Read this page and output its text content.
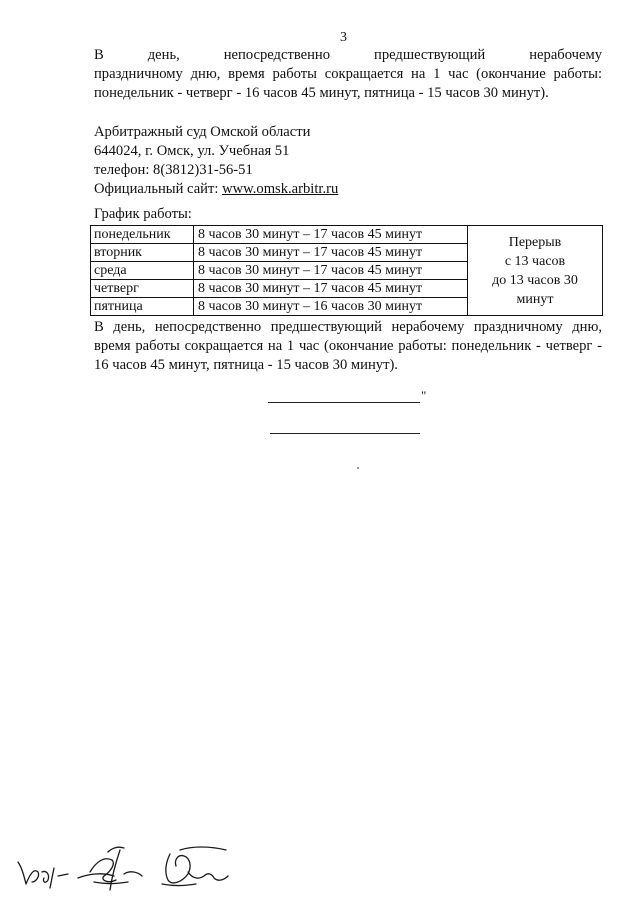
3
В день, непосредственно предшествующий нерабочему
праздничному дню, время работы сокращается на 1 час (окончание работы: понедельник - четверг - 16 часов 45 минут, пятница - 15 часов 30 минут).
Арбитражный суд Омской области
644024, г. Омск, ул. Учебная 51
телефон: 8(3812)31-56-51
Официальный сайт: www.omsk.arbitr.ru
График работы:
понедельник	8 часов 30 минут – 17 часов 45 минут	Перерыв
с 13 часов
до 13 часов 30
минут

вторник	8 часов 30 минут – 17 часов 45 минут	
среда	8 часов 30 минут – 17 часов 45 минут	
четверг	8 часов 30 минут – 17 часов 45 минут	
пятница	8 часов 30 минут – 16 часов 30 минут	
В день, непосредственно предшествующий нерабочему праздничному дню, время работы сокращается на 1 час (окончание работы: понедельник - четверг - 16 часов 45 минут, пятница - 15 часов 30 минут).
"
